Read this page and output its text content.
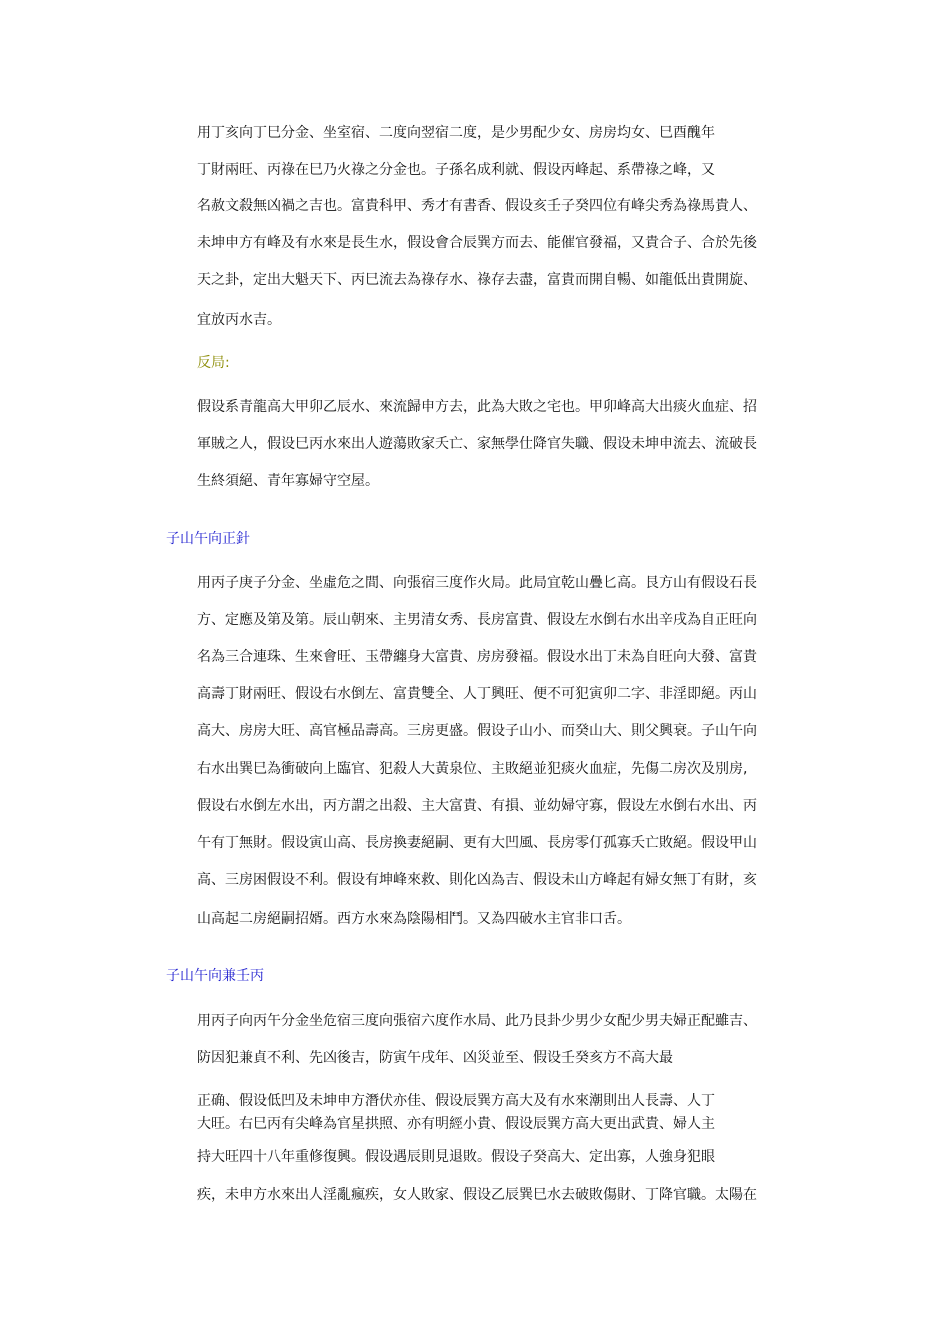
用丁亥向丁巳分金、坐室宿、二度向翌宿二度，是少男配少女、房房均女、巳酉醜年

丁財兩旺、丙祿在巳乃火祿之分金也。子孫名成利就、假设丙峰起、系帶祿之峰，又

名赦文殺無凶禍之吉也。富貴科甲、秀才有書香、假设亥壬子癸四位有峰尖秀為祿馬貴人、

未坤申方有峰及有水來是長生水，假设會合辰巽方而去、能催官發福，又貴合子、合於先後

天之卦，定出大魁天下、丙巳流去為祿存水、祿存去盡，富貴而開自暢、如龍低出貴開旋、

宜放丙水吉。

反局:

假设系青龍高大甲卯乙辰水、來流歸申方去，此為大敗之宅也。甲卯峰高大出痰火血症、招

軍賊之人，假设巳丙水來出人遊蕩敗家夭亡、家無學仕降官失職、假设未坤申流去、流破長

生終須絕、青年寡婦守空屋。

子山午向正針

用丙子庚子分金、坐虛危之間、向張宿三度作火局。此局宜乾山疊匕高。艮方山有假设石長

方、定應及第及第。辰山朝來、主男清女秀、長房富貴、假设左水倒右水出辛戌為自正旺向

名為三合連珠、生來會旺、玉帶纏身大富貴、房房發福。假设水出丁未為自旺向大發、富貴

高壽丁財兩旺、假设右水倒左、富貴雙全、人丁興旺、便不可犯寅卯二字、非淫即絕。丙山

高大、房房大旺、高官極品壽高。三房更盛。假设子山小、而癸山大、則父興衰。子山午向

右水出巽巳為衝破向上臨官、犯殺人大黃泉位、主敗絕並犯痰火血症，先傷二房次及別房,

假设右水倒左水出，丙方謂之出殺、主大富貴、有損、並幼婦守寡，假设左水倒右水出、丙

午有丁無財。假设寅山高、長房換妻絕嗣、更有大凹風、長房零仃孤寡夭亡敗絕。假设甲山

高、三房困假设不利。假设有坤峰來救、則化凶為吉、假设未山方峰起有婦女無丁有財，亥

山高起二房絕嗣招婿。西方水來為陰陽相鬥。又為四破水主官非口舌。

子山午向兼壬丙

用丙子向丙午分金坐危宿三度向張宿六度作水局、此乃艮卦少男少女配少男夫婦正配雖吉、

防因犯兼貞不利、先凶後吉，防寅午戌年、凶災並至、假设壬癸亥方不高大最

正确、假设低凹及未坤申方潛伏亦佳、假设辰巽方高大及有水來潮則出人長壽、人丁

大旺。右巳丙有尖峰為官星拱照、亦有明經小貴、假设辰巽方高大更出武貴、婦人主

持大旺四十八年重修復興。假设遇辰則見退敗。假设子癸高大、定出寡，人強身犯眼

疾，未申方水來出人淫亂瘋疾，女人敗家、假设乙辰巽巳水去破敗傷財、丁降官職。太陽在
